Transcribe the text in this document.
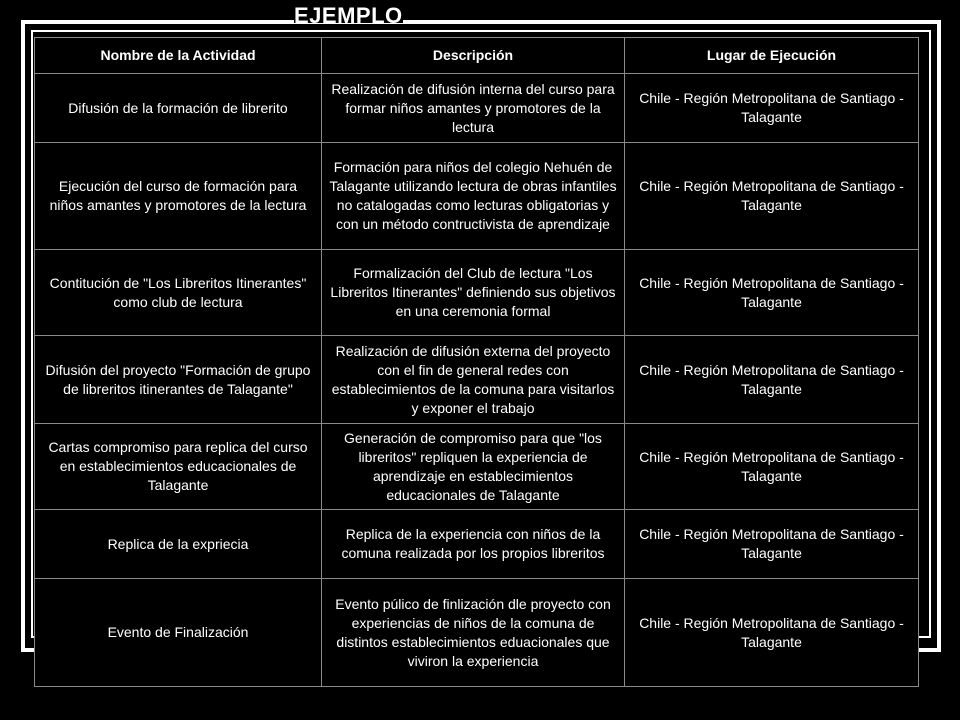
EJEMPLO
Nombre de la Actividad	Descripción	Lugar de Ejecución
Difusión de la formación de librerito	Realización de difusión interna del curso para formar niños amantes y promotores de la lectura	Chile - Región Metropolitana de Santiago - Talagante
Ejecución del curso de formación para niños amantes y promotores de la lectura	Formación para niños del colegio Nehuén de Talagante utilizando lectura de obras infantiles no catalogadas como lecturas obligatorias y con un método contructivista de aprendizaje	Chile - Región Metropolitana de Santiago - Talagante
Contitución de "Los Libreritos Itinerantes" como club de lectura	Formalización del Club de lectura "Los Libreritos Itinerantes" definiendo sus objetivos en una ceremonia formal	Chile - Región Metropolitana de Santiago - Talagante
Difusión del proyecto "Formación de grupo de libreritos itinerantes de Talagante"	Realización de difusión externa del proyecto con el fin de general redes con establecimientos de la comuna para visitarlos y exponer el trabajo	Chile - Región Metropolitana de Santiago - Talagante
Cartas compromiso para replica del curso en establecimientos educacionales de Talagante	Generación de compromiso para que "los libreritos" repliquen la experiencia de aprendizaje en establecimientos educacionales de Talagante	Chile - Región Metropolitana de Santiago - Talagante
Replica de la expriecia	Replica de la experiencia con niños de la comuna realizada por los propios libreritos	Chile - Región Metropolitana de Santiago - Talagante
Evento de Finalización	Evento púlico de finlización dle proyecto con experiencias de niños de la comuna de distintos establecimientos eduacionales que viviron la experiencia	Chile - Región Metropolitana de Santiago - Talagante
